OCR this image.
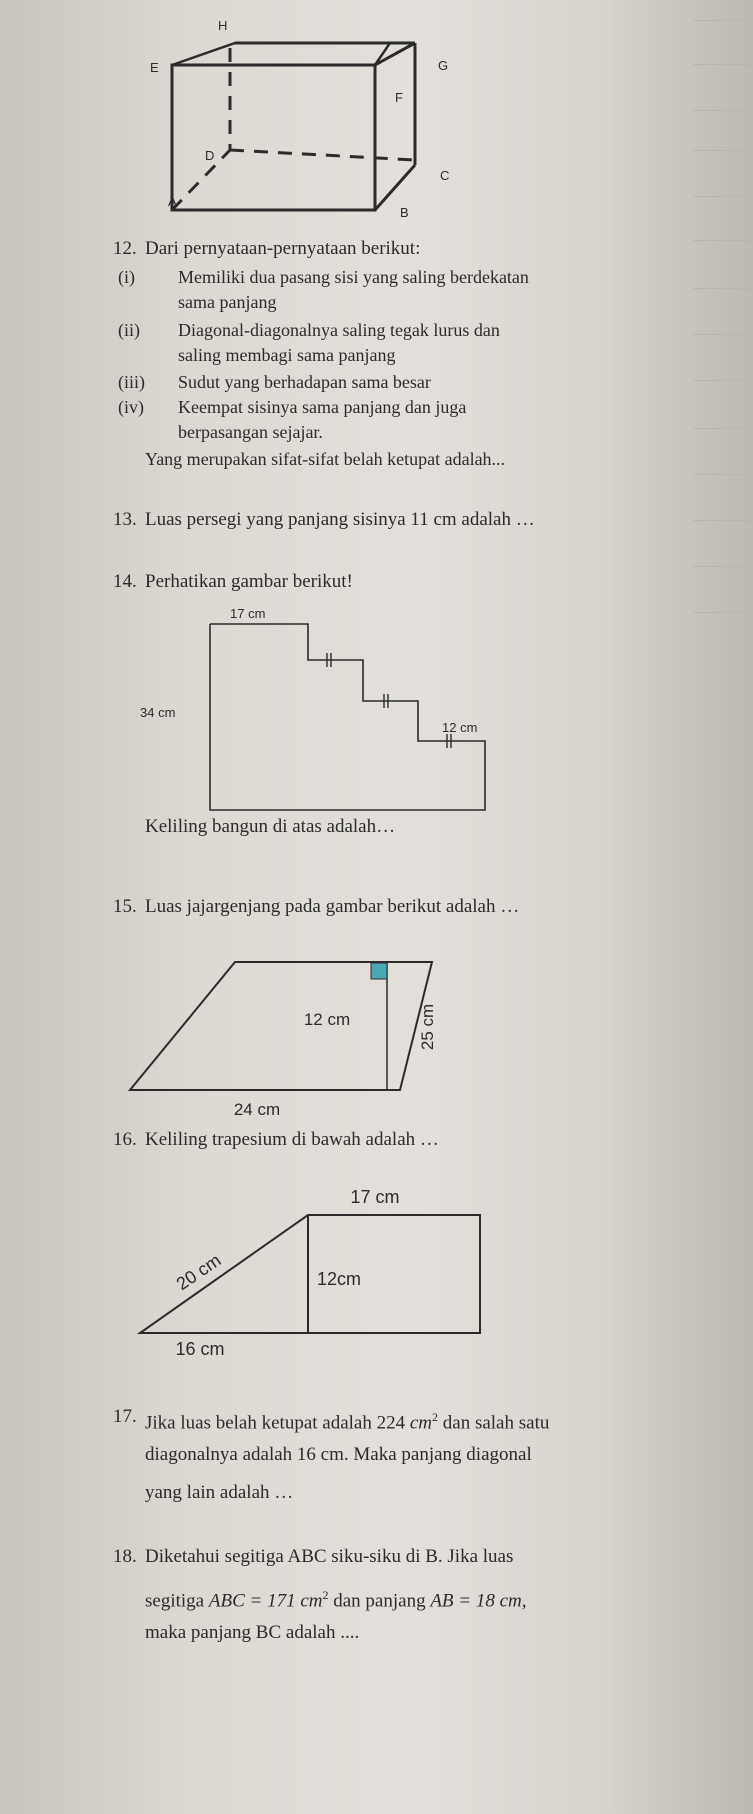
H
E	G
F
D
C
A
B
12. Dari pernyataan-pernyataan berikut:
(i) Memiliki dua pasang sisi yang saling berdekatan
sama panjang
(ii) Diagonal-diagonalnya saling tegak lurus dan
saling membagi sama panjang
(iii) Sudut yang berhadapan sama besar
(iv) Keempat sisinya sama panjang dan juga
berpasangan sejajar.
Yang merupakan sifat-sifat belah ketupat adalah...
13. Luas persegi yang panjang sisinya 11 cm adalah …
14. Perhatikan gambar berikut!
17 cm
34 cm
12 cm
Keliling bangun di atas adalah…
15. Luas jajargenjang pada gambar berikut adalah …
12 cm	25 cm
24 cm
16. Keliling trapesium di bawah adalah …
17 cm
20 cm	12cm
16 cm
17. Jika luas belah ketupat adalah 224 $cm^2$ dan salah satu
diagonalnya adalah 16 cm. Maka panjang diagonal
yang lain adalah …
18. Diketahui segitiga ABC siku-siku di B. Jika luas
segitiga ABC = 171 $cm^2$ dan panjang AB = 18 cm,
maka panjang BC adalah ....
